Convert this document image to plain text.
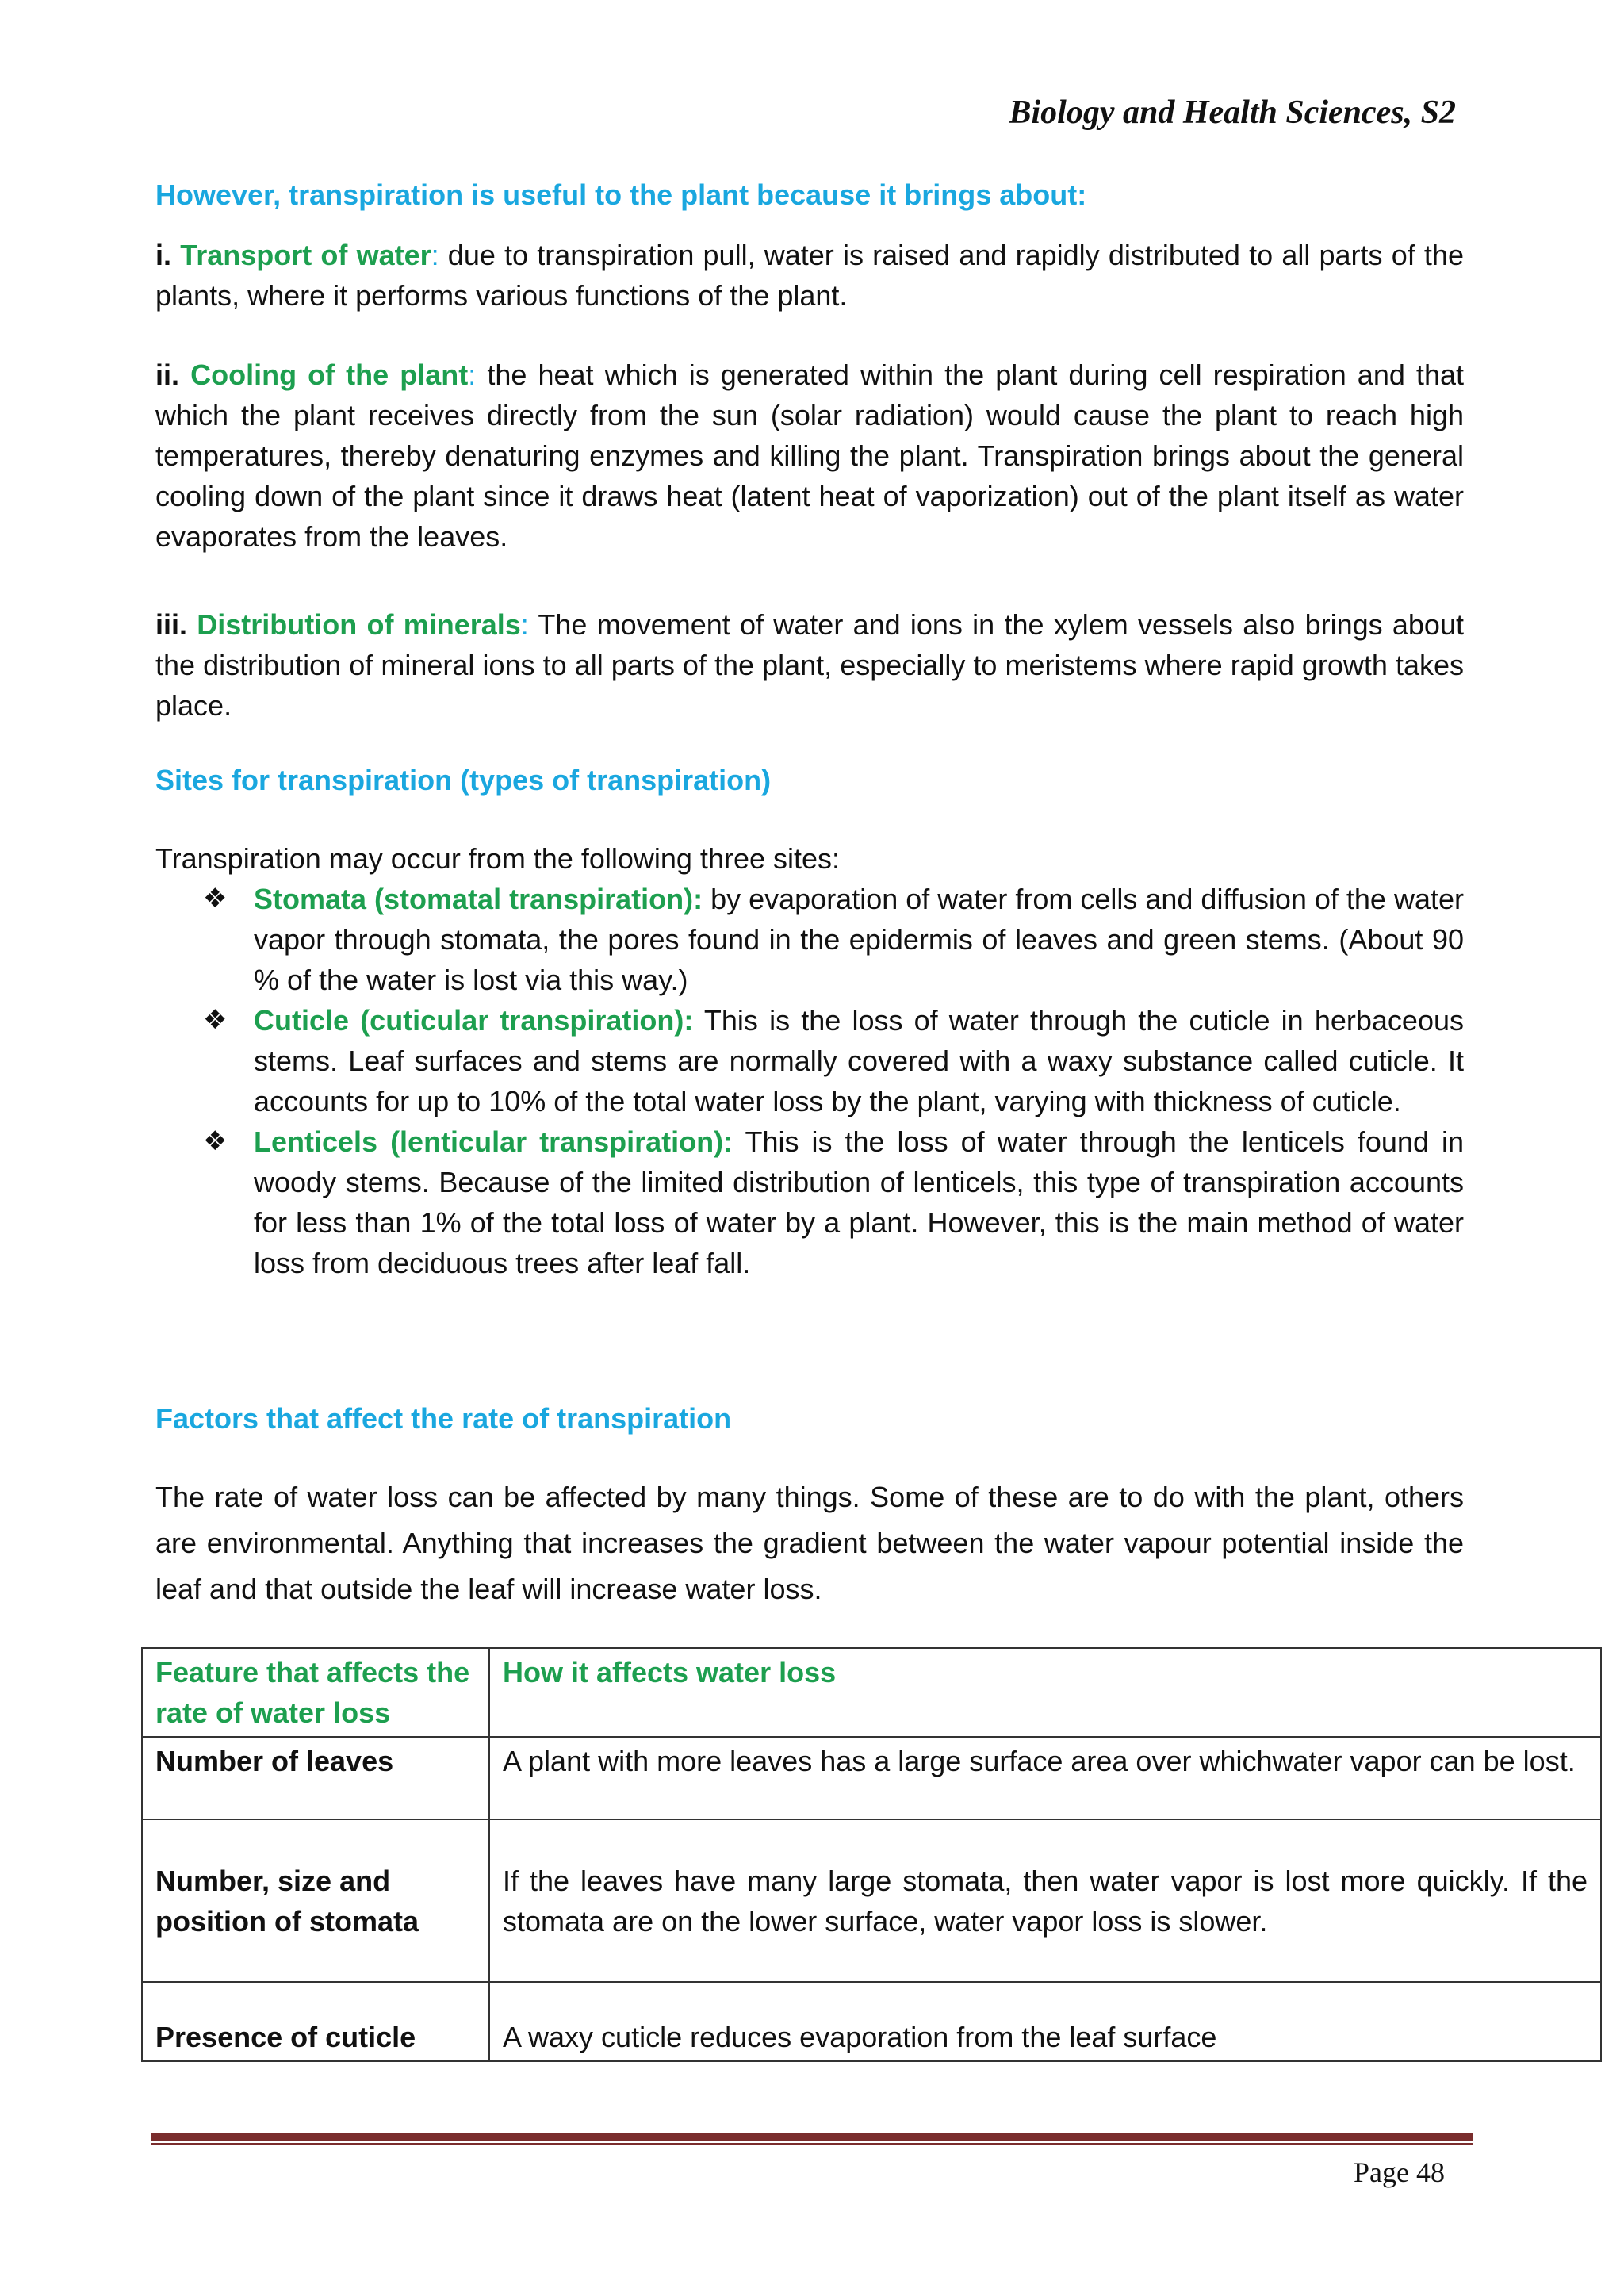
Biology and Health Sciences, S2
However, transpiration is useful to the plant because it brings about:
i. Transport of water: due to transpiration pull, water is raised and rapidly distributed to all parts of the plants, where it performs various functions of the plant.
ii. Cooling of the plant: the heat which is generated within the plant during cell respiration and that which the plant receives directly from the sun (solar radiation) would cause the plant to reach high temperatures, thereby denaturing enzymes and killing the plant. Transpiration brings about the general cooling down of the plant since it draws heat (latent heat of vaporization) out of the plant itself as water evaporates from the leaves.
iii. Distribution of minerals: The movement of water and ions in the xylem vessels also brings about the distribution of mineral ions to all parts of the plant, especially to meristems where rapid growth takes place.
Sites for transpiration (types of transpiration)
Transpiration may occur from the following three sites:
❖ Stomata (stomatal transpiration): by evaporation of water from cells and diffusion of the water vapor through stomata, the pores found in the epidermis of leaves and green stems. (About 90 % of the water is lost via this way.)
❖ Cuticle (cuticular transpiration): This is the loss of water through the cuticle in herbaceous stems. Leaf surfaces and stems are normally covered with a waxy substance called cuticle. It accounts for up to 10% of the total water loss by the plant, varying with thickness of cuticle.
❖ Lenticels (lenticular transpiration): This is the loss of water through the lenticels found in woody stems. Because of the limited distribution of lenticels, this type of transpiration accounts for less than 1% of the total loss of water by a plant. However, this is the main method of water loss from deciduous trees after leaf fall.
Factors that affect the rate of transpiration
The rate of water loss can be affected by many things. Some of these are to do with the plant, others are environmental. Anything that increases the gradient between the water vapour potential inside the leaf and that outside the leaf will increase water loss.
Feature that affects the rate of water loss	How it affects water loss
Number of leaves	A plant with more leaves has a large surface area over whichwater vapor can be lost.
Number, size and position of stomata	If the leaves have many large stomata, then water vapor is lost more quickly. If the stomata are on the lower surface, water vapor loss is slower.
Presence of cuticle	A waxy cuticle reduces evaporation from the leaf surface
Page 48
